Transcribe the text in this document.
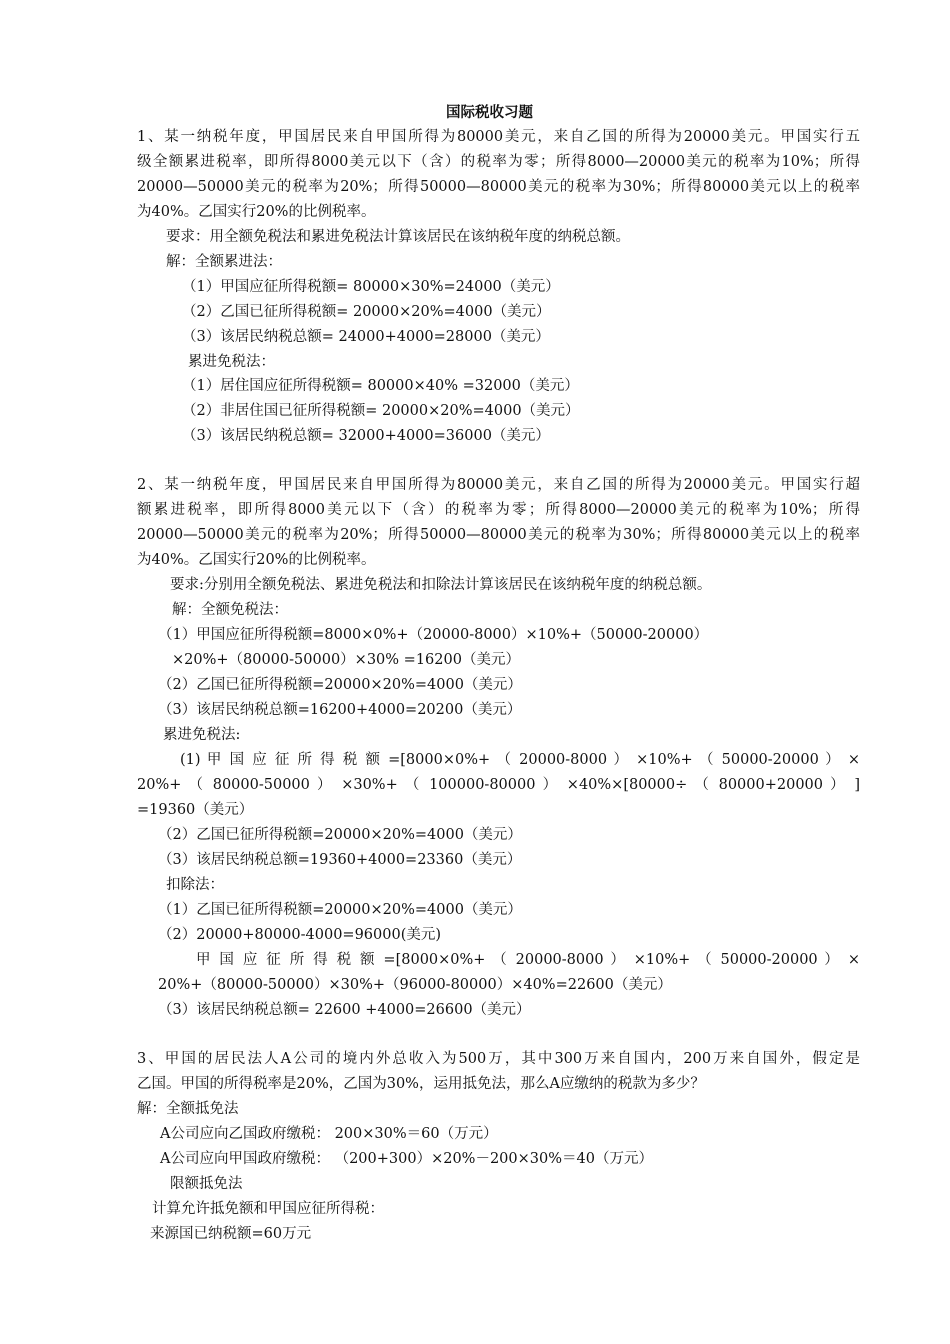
国际税收习题
1、某一纳税年度，甲国居民来自甲国所得为80000美元，来自乙国的所得为20000美元。甲国实行五
级全额累进税率，即所得8000美元以下（含）的税率为零；所得8000—20000美元的税率为10%；所得
20000—50000美元的税率为20%；所得50000—80000美元的税率为30%；所得80000美元以上的税率
为40%。乙国实行20%的比例税率。
要求：用全额免税法和累进免税法计算该居民在该纳税年度的纳税总额。
解：全额累进法：
（1）甲国应征所得税额= 80000×30%=24000（美元）
（2）乙国已征所得税额= 20000×20%=4000（美元）
（3）该居民纳税总额= 24000+4000=28000（美元）
累进免税法：
（1）居住国应征所得税额= 80000×40% =32000（美元）
（2）非居住国已征所得税额= 20000×20%=4000（美元）
（3）该居民纳税总额= 32000+4000=36000（美元）
2、某一纳税年度，甲国居民来自甲国所得为80000美元，来自乙国的所得为20000美元。甲国实行超
额累进税率，即所得8000美元以下（含）的税率为零；所得8000—20000美元的税率为10%；所得
20000—50000美元的税率为20%；所得50000—80000美元的税率为30%；所得80000美元以上的税率
为40%。乙国实行20%的比例税率。
要求:分别用全额免税法、累进免税法和扣除法计算该居民在该纳税年度的纳税总额。
解：全额免税法：
（1）甲国应征所得税额=8000×0%+（20000-8000）×10%+（50000-20000）
×20%+（80000-50000）×30% =16200（美元）
（2）乙国已征所得税额=20000×20%=4000（美元）
（3）该居民纳税总额=16200+4000=20200（美元）
累进免税法:
(1) 甲 国 应 征 所 得 税 额 =[8000×0%+ （ 20000-8000 ） ×10%+ （ 50000-20000 ） ×
20%+ （ 80000-50000 ） ×30%+ （ 100000-80000 ） ×40%×[80000÷ （ 80000+20000 ） ]
=19360（美元）
（2）乙国已征所得税额=20000×20%=4000（美元）
（3）该居民纳税总额=19360+4000=23360（美元）
扣除法：
（1）乙国已征所得税额=20000×20%=4000（美元）
（2）20000+80000-4000=96000(美元)
甲 国 应 征 所 得 税 额 =[8000×0%+ （ 20000-8000 ） ×10%+ （ 50000-20000 ） ×
20%+（80000-50000）×30%+（96000-80000）×40%=22600（美元）
（3）该居民纳税总额= 22600 +4000=26600（美元）
3、甲国的居民法人A公司的境内外总收入为500万，其中300万来自国内，200万来自国外，假定是
乙国。甲国的所得税率是20%，乙国为30%，运用抵免法，那么A应缴纳的税款为多少？
解：全额抵免法
A公司应向乙国政府缴税： 200×30%＝60（万元）
A公司应向甲国政府缴税： （200+300）×20%－200×30%＝40（万元）
限额抵免法
计算允许抵免额和甲国应征所得税：
来源国已纳税额=60万元
